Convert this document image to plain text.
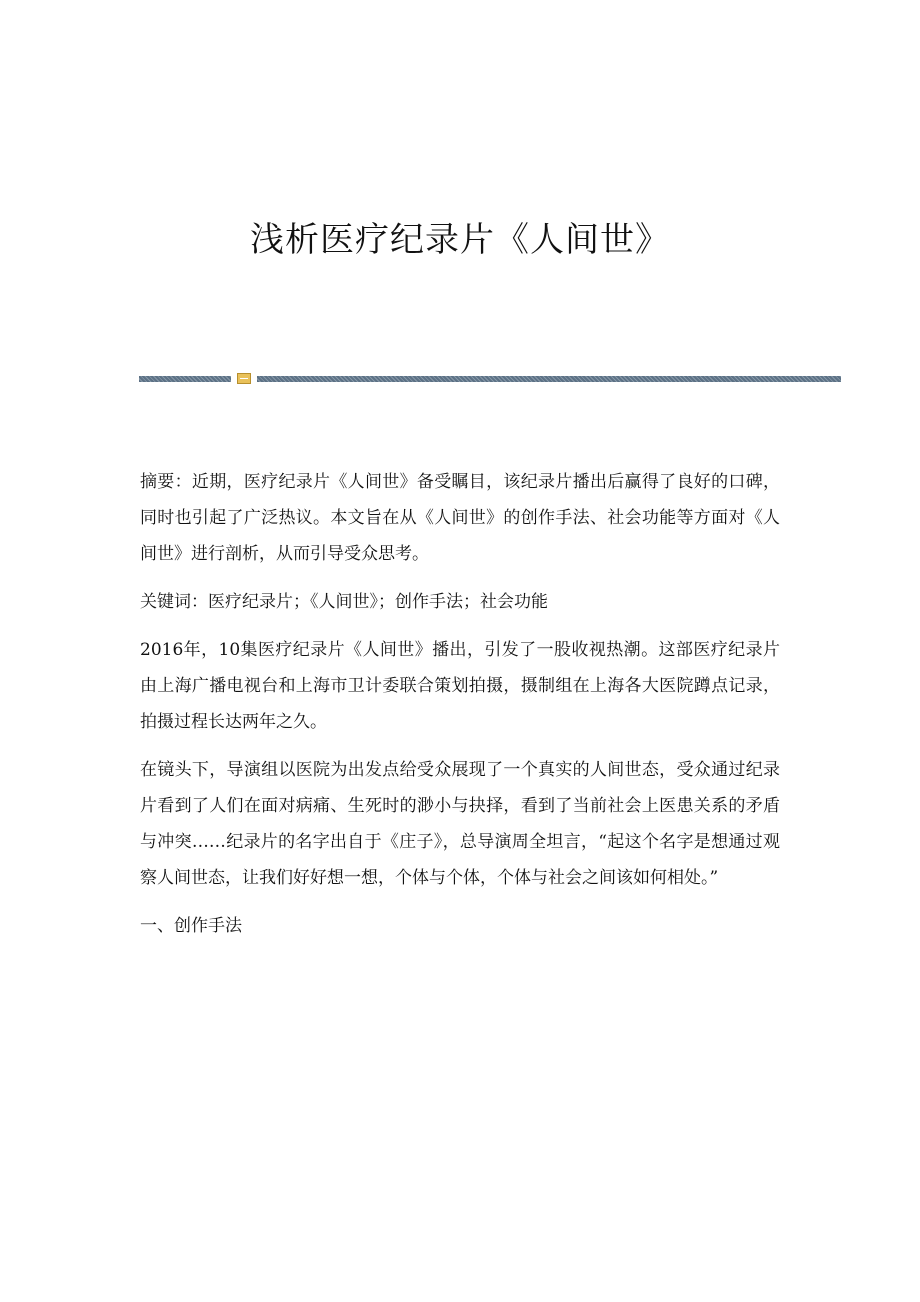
浅析医疗纪录片《人间世》

摘要：近期，医疗纪录片《人间世》备受瞩目，该纪录片播出后赢得了良好的口碑，同时也引起了广泛热议。本文旨在从《人间世》的创作手法、社会功能等方面对《人间世》进行剖析，从而引导受众思考。

关键词：医疗纪录片；《人间世》；创作手法；社会功能

2016年，10集医疗纪录片《人间世》播出，引发了一股收视热潮。这部医疗纪录片由上海广播电视台和上海市卫计委联合策划拍摄，摄制组在上海各大医院蹲点记录，拍摄过程长达两年之久。

在镜头下，导演组以医院为出发点给受众展现了一个真实的人间世态，受众通过纪录片看到了人们在面对病痛、生死时的渺小与抉择，看到了当前社会上医患关系的矛盾与冲突……纪录片的名字出自于《庄子》，总导演周全坦言，“起这个名字是想通过观察人间世态，让我们好好想一想，个体与个体，个体与社会之间该如何相处。”

一、创作手法
